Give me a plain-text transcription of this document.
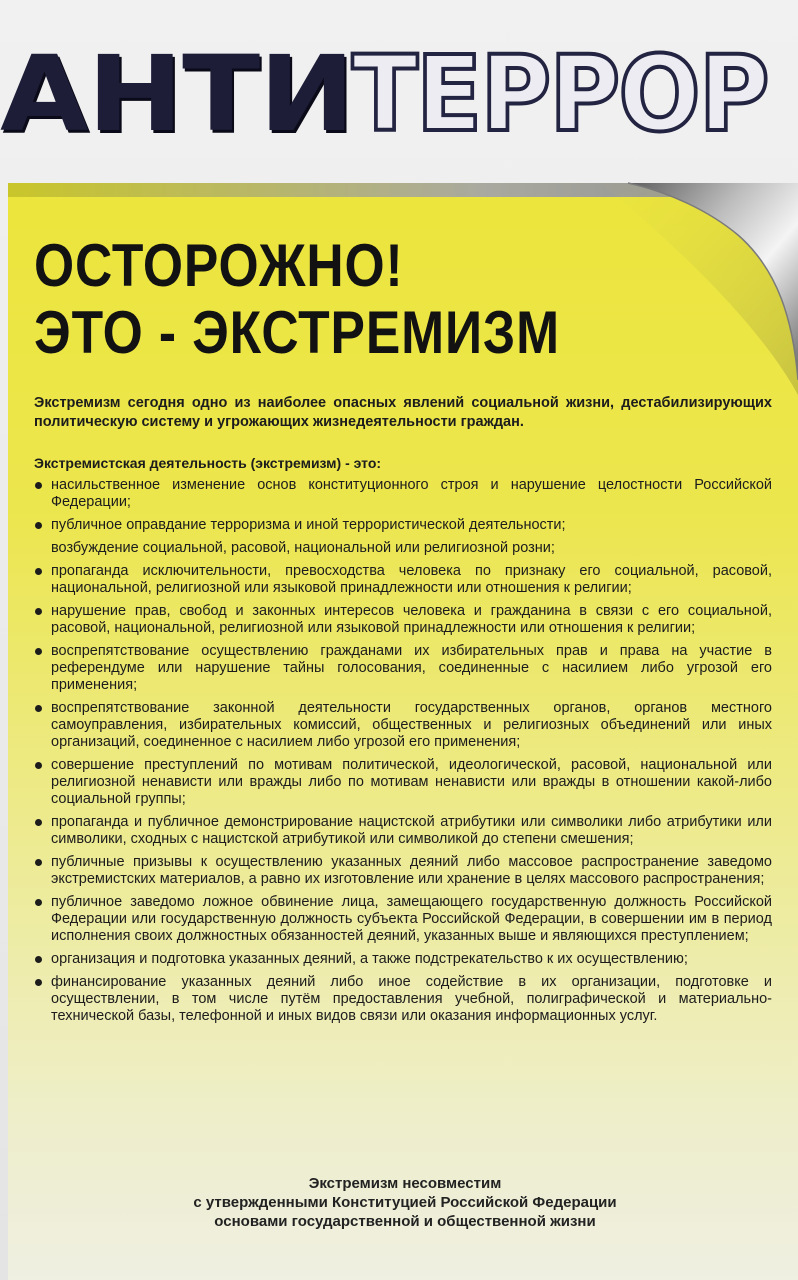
АНТИ
ТЕРРОР
ОСТОРОЖНО!
ЭТО - ЭКСТРЕМИЗМ

Экстремизм сегодня одно из наиболее опасных явлений социальной жизни, дестабилизирующих политическую систему и угрожающих жизнедеятельности граждан.

Экстремистская деятельность (экстремизм) - это:

насильственное изменение основ конституционного строя и нарушение целостности Российской Федерации;
публичное оправдание терроризма и иной террористической деятельности;
возбуждение социальной, расовой, национальной или религиозной розни;
пропаганда исключительности, превосходства человека по признаку его социальной, расовой, национальной, религиозной или языковой принадлежности или отношения к религии;
нарушение прав, свобод и законных интересов человека и гражданина в связи с его социальной, расовой, национальной, религиозной или языковой принадлежности или отношения к религии;
воспрепятствование осуществлению гражданами их избирательных прав и права на участие в референдуме или нарушение тайны голосования, соединенные с насилием либо угрозой его применения;
воспрепятствование законной деятельности государственных органов, органов местного самоуправления, избирательных комиссий, общественных и религиозных объединений или иных организаций, соединенное с насилием либо угрозой его применения;
совершение преступлений по мотивам политической, идеологической, расовой, национальной или религиозной ненависти или вражды либо по мотивам ненависти или вражды в отношении какой-либо социальной группы;
пропаганда и публичное демонстрирование нацистской атрибутики или символики либо атрибутики или символики, сходных с нацистской атрибутикой или символикой до степени смешения;
публичные призывы к осуществлению указанных деяний либо массовое распространение заведомо экстремистских материалов, а равно их изготовление или хранение в целях массового распространения;
публичное заведомо ложное обвинение лица, замещающего государственную должность Российской Федерации или государственную должность субъекта Российской Федерации, в совершении им в период исполнения своих должностных обязанностей деяний, указанных выше и являющихся преступлением;
организация и подготовка указанных деяний, а также подстрекательство к их осуществлению;
финансирование указанных деяний либо иное содействие в их организации, подготовке и осуществлении, в том числе путём предоставления учебной, полиграфической и материально-технической базы, телефонной и иных видов связи или оказания информационных услуг.
Экстремизм несовместим
с утвержденными Конституцией Российской Федерации
основами государственной и общественной жизни
